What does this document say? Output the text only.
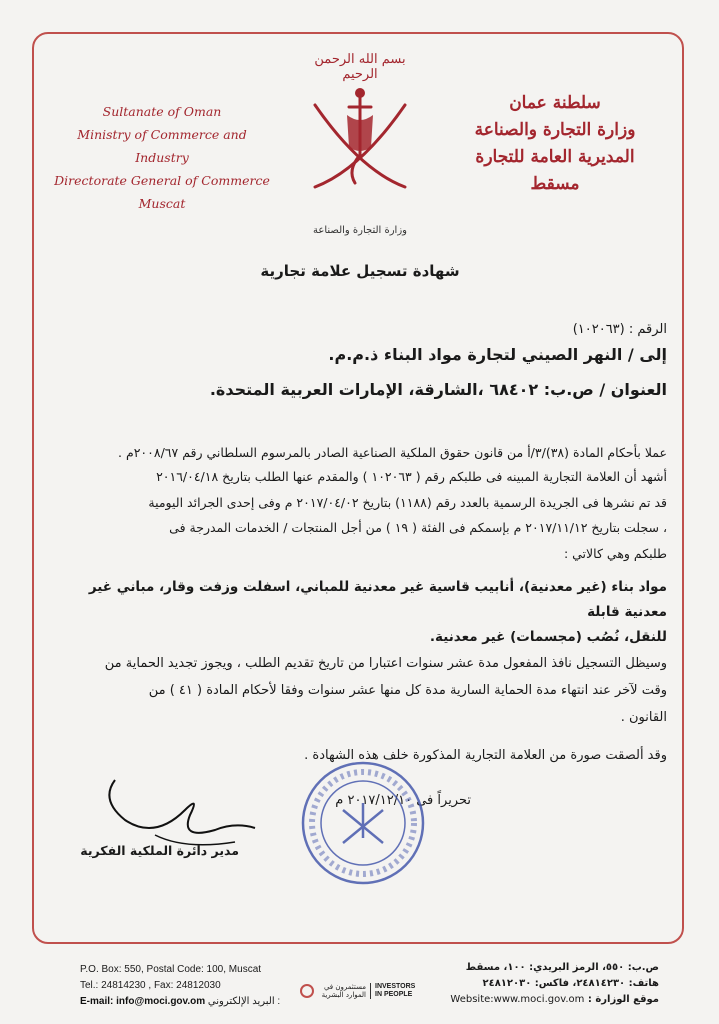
Sultanate of Oman
Ministry of Commerce and Industry
Directorate General of Commerce
Muscat
بسم الله الرحمن الرحيم
سلطنة عمان
وزارة التجارة والصناعة
المديرية العامة للتجارة
مسقط
وزارة التجارة والصناعة
شهادة تسجيل علامة تجارية
الرقم : (١٠٢٠٦٣)
إلى / النهر الصيني لتجارة مواد البناء ذ.م.م.
العنوان / ص.ب: ٦٨٤٠٢ ،الشارقة، الإمارات العربية المتحدة.
عملا بأحكام المادة (٣٨)/٣/أ من قانون حقوق الملكية الصناعية الصادر بالمرسوم السلطاني رقم ٢٠٠٨/٦٧م .
أشهد أن العلامة التجارية المبينه فى طلبكم رقم ( ١٠٢٠٦٣ ) والمقدم عنها الطلب بتاريخ ٢٠١٦/٠٤/١٨
قد تم نشرها فى الجريدة الرسمية بالعدد رقم (١١٨٨) بتاريخ ٢٠١٧/٠٤/٠٢ م وفى إحدى الجرائد اليومية
، سجلت بتاريخ ٢٠١٧/١١/١٢ م بإسمكم فى الفئة ( ١٩ ) من أجل المنتجات / الخدمات المدرجة فى
طلبكم وهي كالاتي :
مواد بناء (غير معدنية)، أنابيب قاسية غير معدنية للمباني، اسفلت وزفت وقار، مباني غير معدنية قابلة
للنقل، نُصُب (مجسمات) غير معدنية.
وسيظل التسجيل نافذ المفعول مدة عشر سنوات اعتبارا من تاريخ تقديم الطلب ، ويجوز تجديد الحماية من
وقت لآخر عند انتهاء مدة الحماية السارية مدة كل منها عشر سنوات وفقا لأحكام المادة ( ٤١ ) من
القانون .
وقد ألصقت صورة من العلامة التجارية المذكورة خلف هذه الشهادة .
تحريراً فى ٢٠١٧/١٢/١٠ م
مدير دائرة الملكية الفكرية
P.O. Box: 550, Postal Code: 100, Muscat
Tel.: 24814230 , Fax: 24812030
E-mail: info@moci.gov.om البريد الإلكتروني :
مستثمرون في الموارد البشرية
INVESTORS
IN PEOPLE
ص.ب: ٥٥٠، الرمز البريدي: ١٠٠، مسقط
هاتف: ٢٤٨١٤٢٣٠، فاكس: ٢٤٨١٢٠٣٠
موقع الوزارة : Website:www.moci.gov.om
